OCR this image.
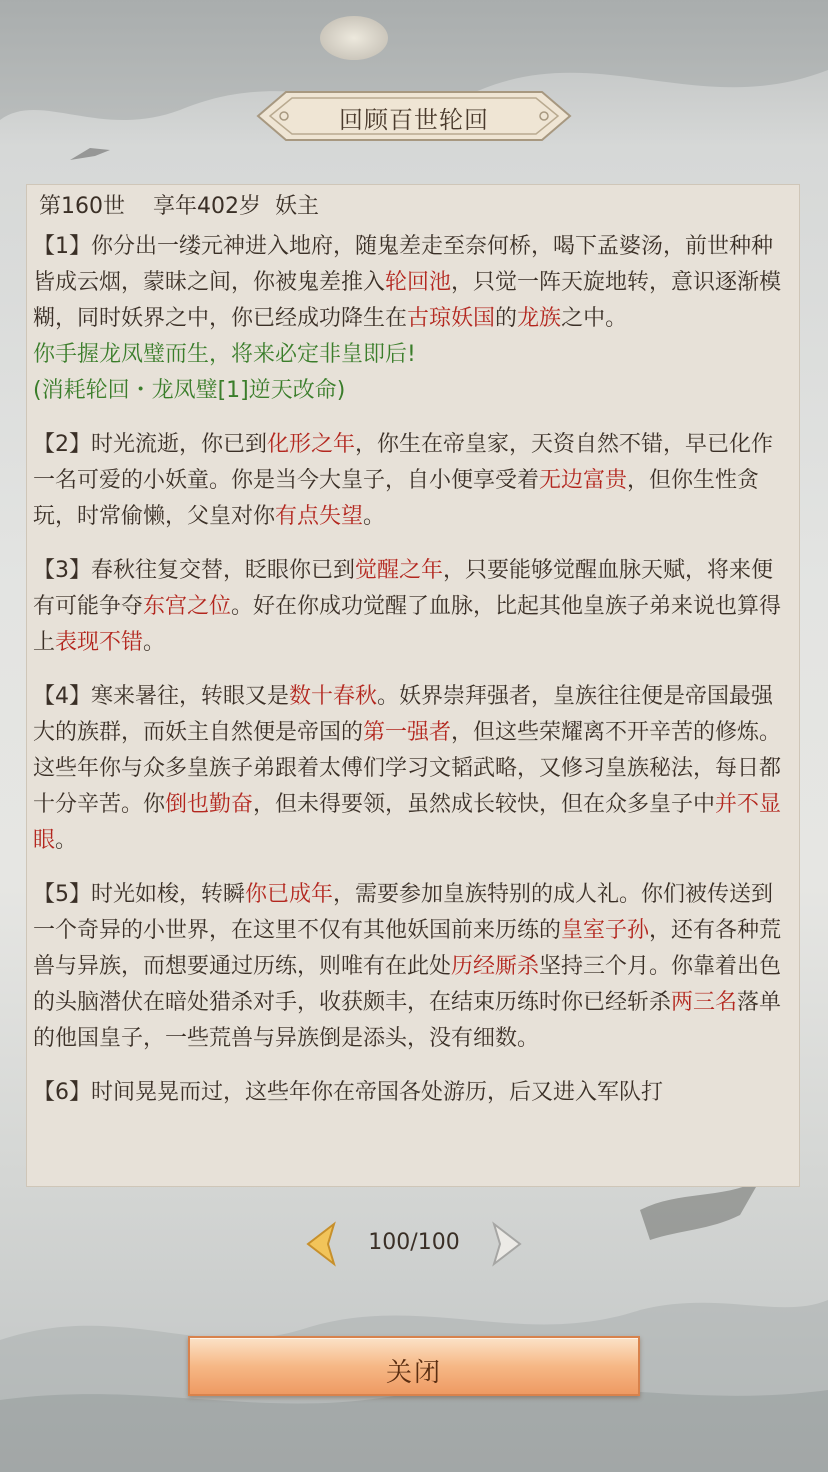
回顾百世轮回
第160世 享年402岁 妖主

【1】你分出一缕元神进入地府，随鬼差走至奈何桥，喝下孟婆汤，前世种种皆成云烟，蒙昧之间，你被鬼差推入轮回池，只觉一阵天旋地转，意识逐渐模糊，同时妖界之中，你已经成功降生在古琼妖国的龙族之中。

你手握龙凤璧而生，将来必定非皇即后!

(消耗轮回・龙凤璧[1]逆天改命)

【2】时光流逝，你已到化形之年，你生在帝皇家，天资自然不错，早已化作一名可爱的小妖童。你是当今大皇子，自小便享受着无边富贵，但你生性贪玩，时常偷懒，父皇对你有点失望。

【3】春秋往复交替，眨眼你已到觉醒之年，只要能够觉醒血脉天赋，将来便有可能争夺东宫之位。好在你成功觉醒了血脉，比起其他皇族子弟来说也算得上表现不错。

【4】寒来暑往，转眼又是数十春秋。妖界崇拜强者，皇族往往便是帝国最强大的族群，而妖主自然便是帝国的第一强者，但这些荣耀离不开辛苦的修炼。这些年你与众多皇族子弟跟着太傅们学习文韬武略，又修习皇族秘法，每日都十分辛苦。你倒也勤奋，但未得要领，虽然成长较快，但在众多皇子中并不显眼。

【5】时光如梭，转瞬你已成年，需要参加皇族特别的成人礼。你们被传送到一个奇异的小世界，在这里不仅有其他妖国前来历练的皇室子孙，还有各种荒兽与异族，而想要通过历练，则唯有在此处历经厮杀坚持三个月。你靠着出色的头脑潜伏在暗处猎杀对手，收获颇丰，在结束历练时你已经斩杀两三名落单的他国皇子，一些荒兽与异族倒是添头，没有细数。

【6】时间晃晃而过，这些年你在帝国各处游历，后又进入军队打

100/100
关闭
